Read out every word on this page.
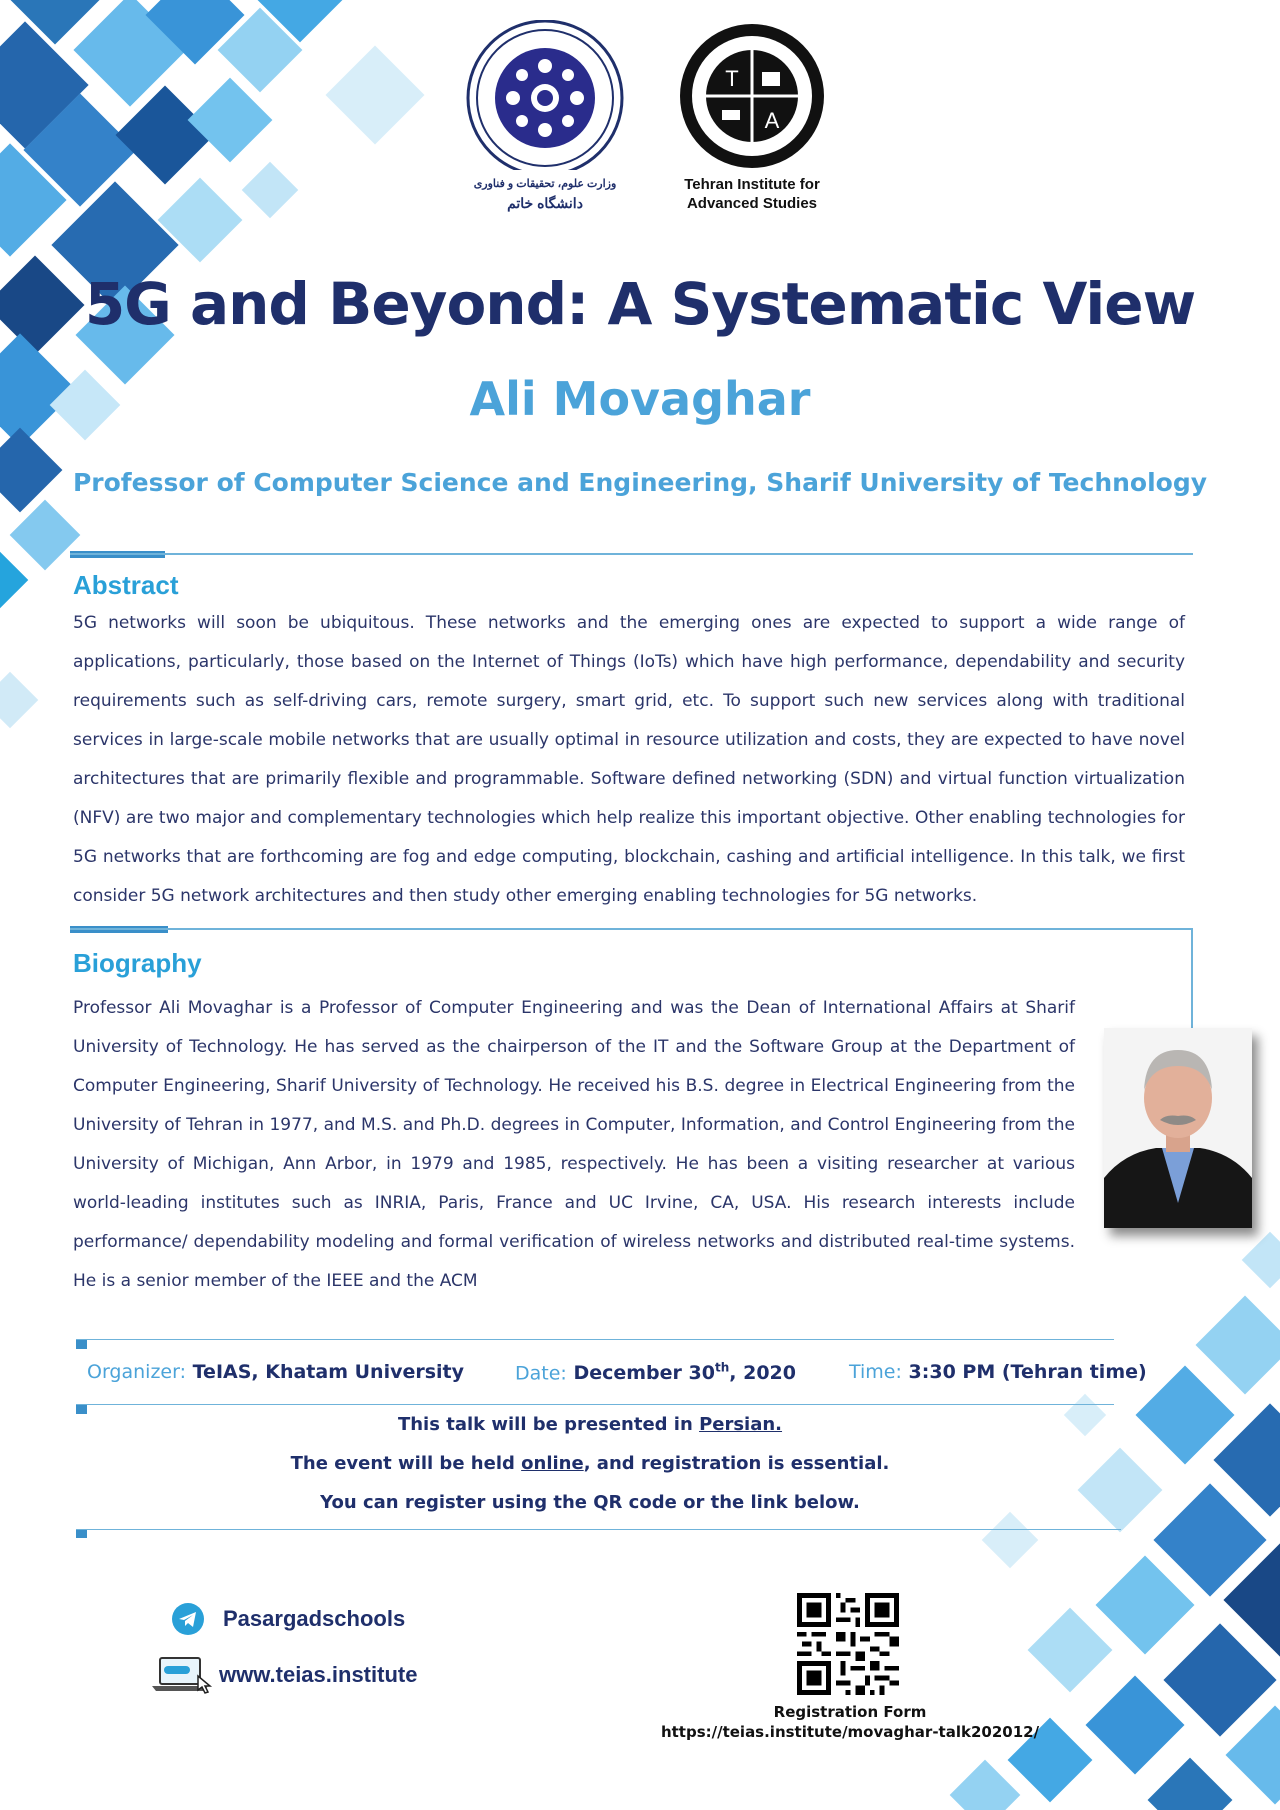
وزارت علوم، تحقیقات و فناوری
دانشگاه خاتم
T
A
Tehran Institute for
Advanced Studies
5G and Beyond: A Systematic View
Ali Movaghar
Professor of Computer Science and Engineering, Sharif University of Technology
Abstract
5G networks will soon be ubiquitous. These networks and the emerging ones are expected to support a wide range of applications, particularly, those based on the Internet of Things (IoTs) which have high performance, dependability and security requirements such as self-driving cars, remote surgery, smart grid, etc. To support such new services along with traditional services in large-scale mobile networks that are usually optimal in resource utilization and costs, they are expected to have novel architectures that are primarily flexible and programmable. Software defined networking (SDN) and virtual function virtualization (NFV) are two major and complementary technologies which help realize this important objective. Other enabling technologies for 5G networks that are forthcoming are fog and edge computing, blockchain, cashing and artificial intelligence. In this talk, we first consider 5G network architectures and then study other emerging enabling technologies for 5G networks.
Biography
Professor Ali Movaghar is a Professor of Computer Engineering and was the Dean of International Affairs at Sharif University of Technology. He has served as the chairperson of the IT and the Software Group at the Department of Computer Engineering, Sharif University of Technology. He received his B.S. degree in Electrical Engineering from the University of Tehran in 1977, and M.S. and Ph.D. degrees in Computer, Information, and Control Engineering from the University of Michigan, Ann Arbor, in 1979 and 1985, respectively. He has been a visiting researcher at various world-leading institutes such as INRIA, Paris, France and UC Irvine, CA, USA. His research interests include performance/ dependability modeling and formal verification of wireless networks and distributed real-time systems. He is a senior member of the IEEE and the ACM
Organizer: TeIAS, Khatam University	Date: December 30th, 2020	Time: 3:30 PM (Tehran time)
This talk will be presented in Persian.
The event will be held online, and registration is essential.
You can register using the QR code or the link below.
Pasargadschools
www.teias.institute
Registration Form
https://teias.institute/movaghar-talk202012/
